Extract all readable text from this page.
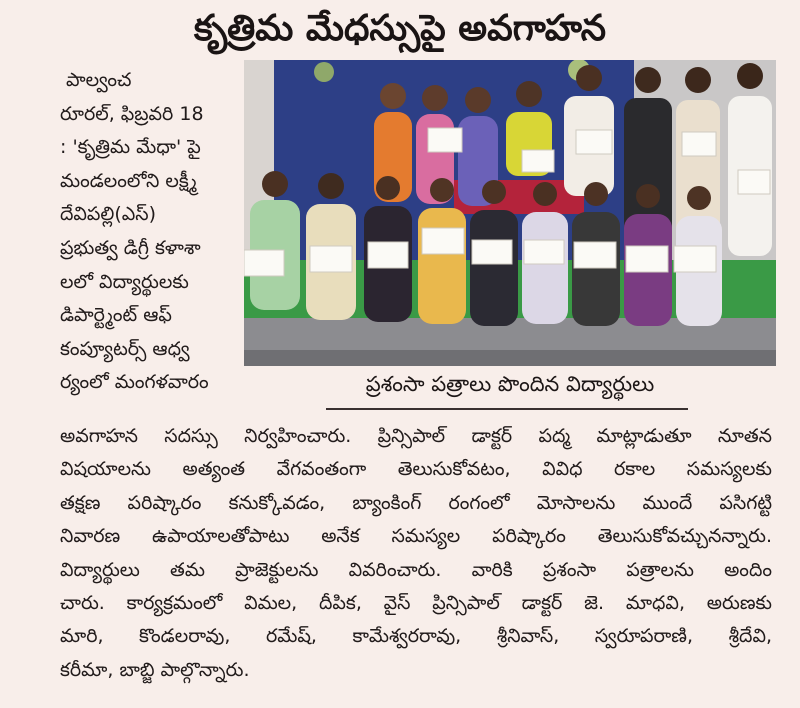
కృత్రిమ మేధస్సుపై అవగాహన
పాల్వంచ
రూరల్, ఫిబ్రవరి 18
: 'కృత్రిమ మేధా' పై
మండలంలోని లక్ష్మీ
దేవిపల్లి(ఎస్)
ప్రభుత్వ డిగ్రీ కళాశా
లలో విద్యార్థులకు
డిపార్ట్మెంట్ ఆఫ్
కంప్యూటర్స్ ఆధ్వ
ర్యంలో మంగళవారం	ప్రశంసా పత్రాలు పొందిన విద్యార్థులు
అవగాహన సదస్సు నిర్వహించారు. ప్రిన్సిపాల్ డాక్టర్ పద్మ మాట్లాడుతూ నూతన
విషయాలను అత్యంత వేగవంతంగా తెలుసుకోవటం, వివిధ రకాల సమస్యలకు
తక్షణ పరిష్కారం కనుక్కోవడం, బ్యాంకింగ్ రంగంలో మోసాలను ముందే పసిగట్టి
నివారణ ఉపాయాలతోపాటు అనేక సమస్యల పరిష్కారం తెలుసుకోవచ్చునన్నారు.
విద్యార్థులు తమ ప్రాజెక్టులను వివరించారు. వారికి ప్రశంసా పత్రాలను అందిం
చారు. కార్యక్రమంలో విమల, దీపిక, వైస్ ప్రిన్సిపాల్ డాక్టర్ జె. మాధవి, అరుణకు
మారి, కొండలరావు, రమేష్, కామేశ్వరరావు, శ్రీనివాస్, స్వరూపరాణి, శ్రీదేవి,
కరీమా, బాబ్జి పాల్గొన్నారు.
